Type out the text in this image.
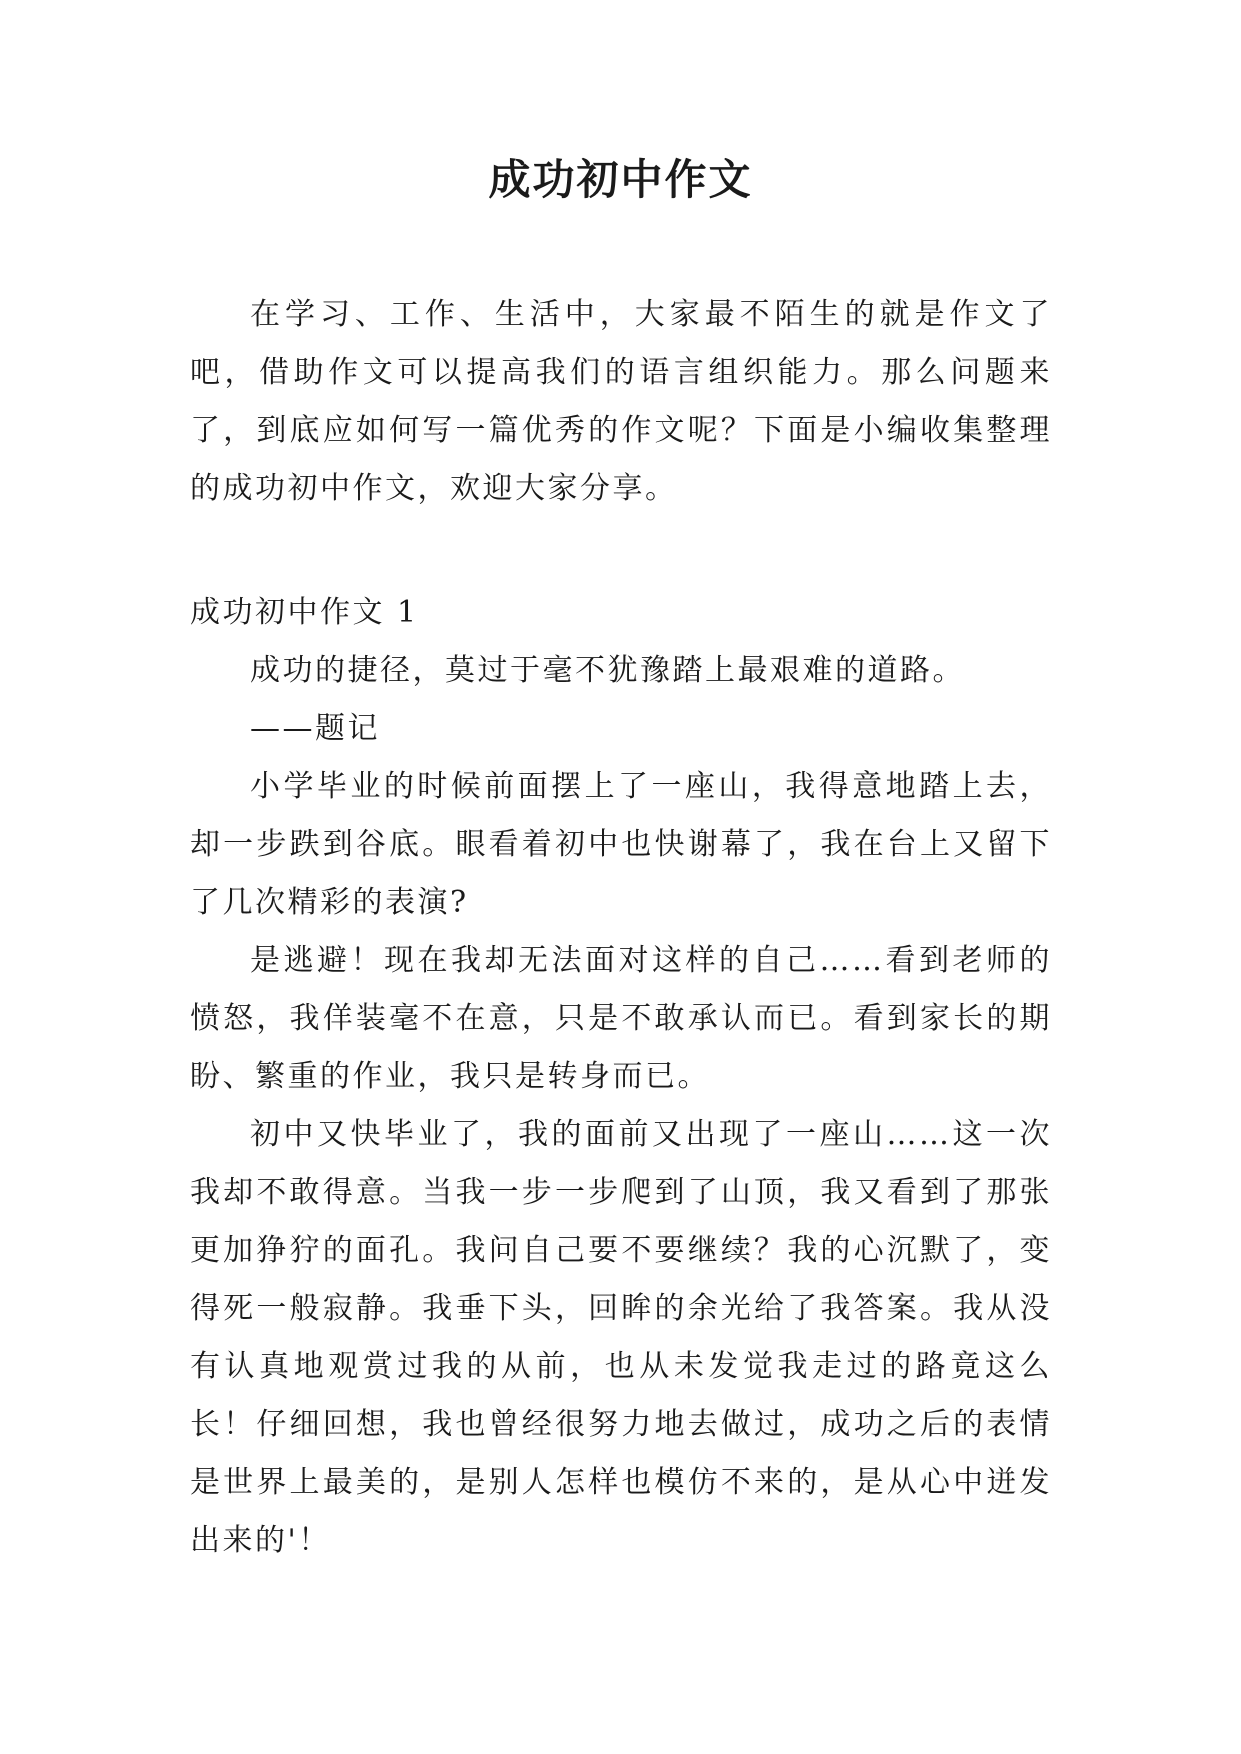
成功初中作文

在学习、工作、生活中，大家最不陌生的就是作文了吧，借助作文可以提高我们的语言组织能力。那么问题来了，到底应如何写一篇优秀的作文呢？下面是小编收集整理的成功初中作文，欢迎大家分享。

成功初中作文 1

成功的捷径，莫过于毫不犹豫踏上最艰难的道路。

——题记

小学毕业的时候前面摆上了一座山，我得意地踏上去，却一步跌到谷底。眼看着初中也快谢幕了，我在台上又留下了几次精彩的表演?

是逃避！现在我却无法面对这样的自己……看到老师的愤怒，我佯装毫不在意，只是不敢承认而已。看到家长的期盼、繁重的作业，我只是转身而已。

初中又快毕业了，我的面前又出现了一座山……这一次我却不敢得意。当我一步一步爬到了山顶，我又看到了那张更加狰狞的面孔。我问自己要不要继续？我的心沉默了，变得死一般寂静。我垂下头，回眸的余光给了我答案。我从没有认真地观赏过我的从前，也从未发觉我走过的路竟这么长！仔细回想，我也曾经很努力地去做过，成功之后的表情是世界上最美的，是别人怎样也模仿不来的，是从心中迸发出来的'！
